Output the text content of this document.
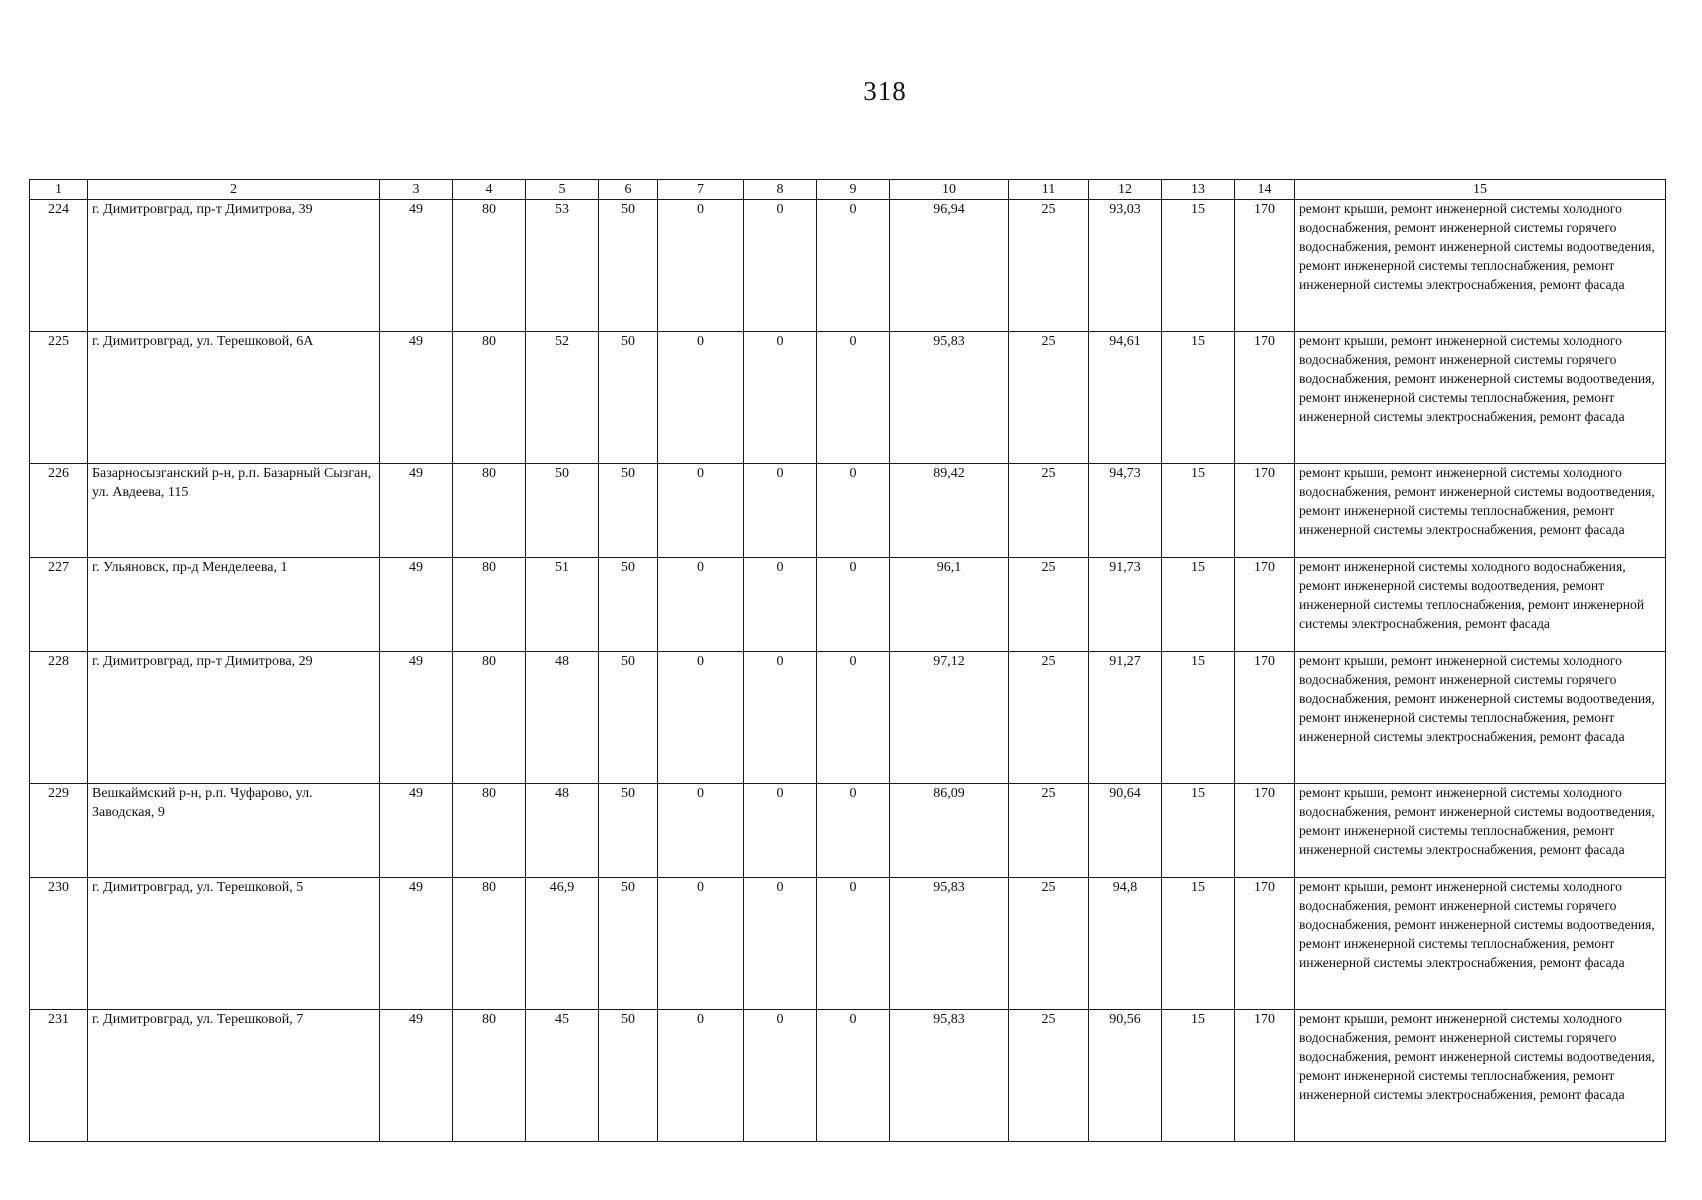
318
1	2	3	4	5	6	7	8	9	10	11	12	13	14	15
224	г. Димитровград, пр-т Димитрова, 39	49	80	53	50	0	0	0	96,94	25	93,03	15	170	ремонт крыши, ремонт инженерной системы холодного водоснабжения, ремонт инженерной системы горячего водоснабжения, ремонт инженерной системы водоотведения, ремонт инженерной системы теплоснабжения, ремонт инженерной системы электроснабжения, ремонт фасада
225	г. Димитровград, ул. Терешковой, 6А	49	80	52	50	0	0	0	95,83	25	94,61	15	170	ремонт крыши, ремонт инженерной системы холодного водоснабжения, ремонт инженерной системы горячего водоснабжения, ремонт инженерной системы водоотведения, ремонт инженерной системы теплоснабжения, ремонт инженерной системы электроснабжения, ремонт фасада
226	Базарносызганский р-н, р.п. Базарный Сызган, ул. Авдеева, 115	49	80	50	50	0	0	0	89,42	25	94,73	15	170	ремонт крыши, ремонт инженерной системы холодного водоснабжения, ремонт инженерной системы водоотведения, ремонт инженерной системы теплоснабжения, ремонт инженерной системы электроснабжения, ремонт фасада
227	г. Ульяновск, пр-д Менделеева, 1	49	80	51	50	0	0	0	96,1	25	91,73	15	170	ремонт инженерной системы холодного водоснабжения, ремонт инженерной системы водоотведения, ремонт инженерной системы теплоснабжения, ремонт инженерной системы электроснабжения, ремонт фасада
228	г. Димитровград, пр-т Димитрова, 29	49	80	48	50	0	0	0	97,12	25	91,27	15	170	ремонт крыши, ремонт инженерной системы холодного водоснабжения, ремонт инженерной системы горячего водоснабжения, ремонт инженерной системы водоотведения, ремонт инженерной системы теплоснабжения, ремонт инженерной системы электроснабжения, ремонт фасада
229	Вешкаймский р-н, р.п. Чуфарово, ул. Заводская, 9	49	80	48	50	0	0	0	86,09	25	90,64	15	170	ремонт крыши, ремонт инженерной системы холодного водоснабжения, ремонт инженерной системы водоотведения, ремонт инженерной системы теплоснабжения, ремонт инженерной системы электроснабжения, ремонт фасада
230	г. Димитровград, ул. Терешковой, 5	49	80	46,9	50	0	0	0	95,83	25	94,8	15	170	ремонт крыши, ремонт инженерной системы холодного водоснабжения, ремонт инженерной системы горячего водоснабжения, ремонт инженерной системы водоотведения, ремонт инженерной системы теплоснабжения, ремонт инженерной системы электроснабжения, ремонт фасада
231	г. Димитровград, ул. Терешковой, 7	49	80	45	50	0	0	0	95,83	25	90,56	15	170	ремонт крыши, ремонт инженерной системы холодного водоснабжения, ремонт инженерной системы горячего водоснабжения, ремонт инженерной системы водоотведения, ремонт инженерной системы теплоснабжения, ремонт инженерной системы электроснабжения, ремонт фасада
